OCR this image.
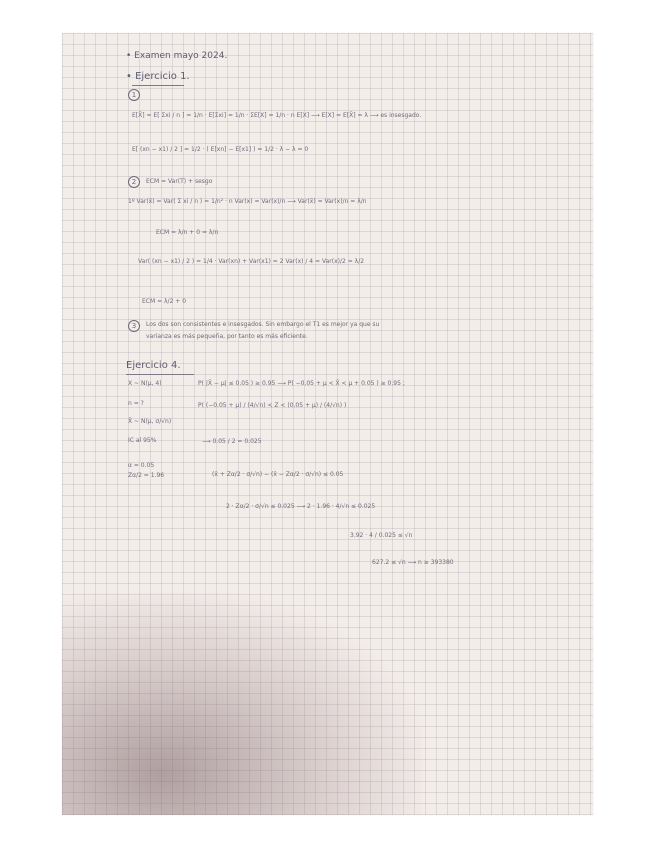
• Examen mayo 2024.
• Ejercicio 1.
1
E[X̄] = E[ Σxi / n ] = 1/n · E[Σxi] = 1/n · ΣE[X] = 1/n · n E[X] ⟶ E[X] = E[X̄] = λ ⟶ es insesgado.
E[ (xn − x1) / 2 ] = 1/2 · ( E[xn] − E[x1] ) = 1/2 · λ − λ = 0
2	ECM = Var(T) + sesgo
1º Var(x̄) = Var( Σ xi / n ) = 1/n² · n Var(x) = Var(x)/n ⟶ Var(x̄) = Var(x)/n = λ/n
ECM = λ/n + 0 = λ/n
Var( (xn − x1) / 2 ) = 1/4 · Var(xn) + Var(x1) = 2 Var(x) / 4 = Var(x)/2 = λ/2
ECM = λ/2 + 0
3	Los dos son consistentes e insesgados. Sin embargo el T1 es mejor ya que su
varianza es más pequeña, por tanto es más eficiente.
Ejercicio 4.
X ~ N(μ, 4)
n = ?
X̄ ~ N(μ, σ/√n)
IC al 95%
α = 0.05
Zα/2 = 1.96
P( |X̄ − μ| ≤ 0.05 ) ≥ 0.95 ⟶ P( −0.05 + μ < X̄ < μ + 0.05 ) ≥ 0.95 ;
P( (−0.05 + μ) / (4/√n) < Z < (0.05 + μ) / (4/√n) )
⟶ 0.05 / 2 = 0.025
(x̄ + Zα/2 · σ/√n) − (x̄ − Zα/2 · σ/√n) ≤ 0.05
2 · Zα/2 · σ/√n ≤ 0.025 ⟶ 2 · 1.96 · 4/√n ≤ 0.025
3.92 · 4 / 0.025 ≤ √n
627.2 ≤ √n ⟶ n ≥ 393380
